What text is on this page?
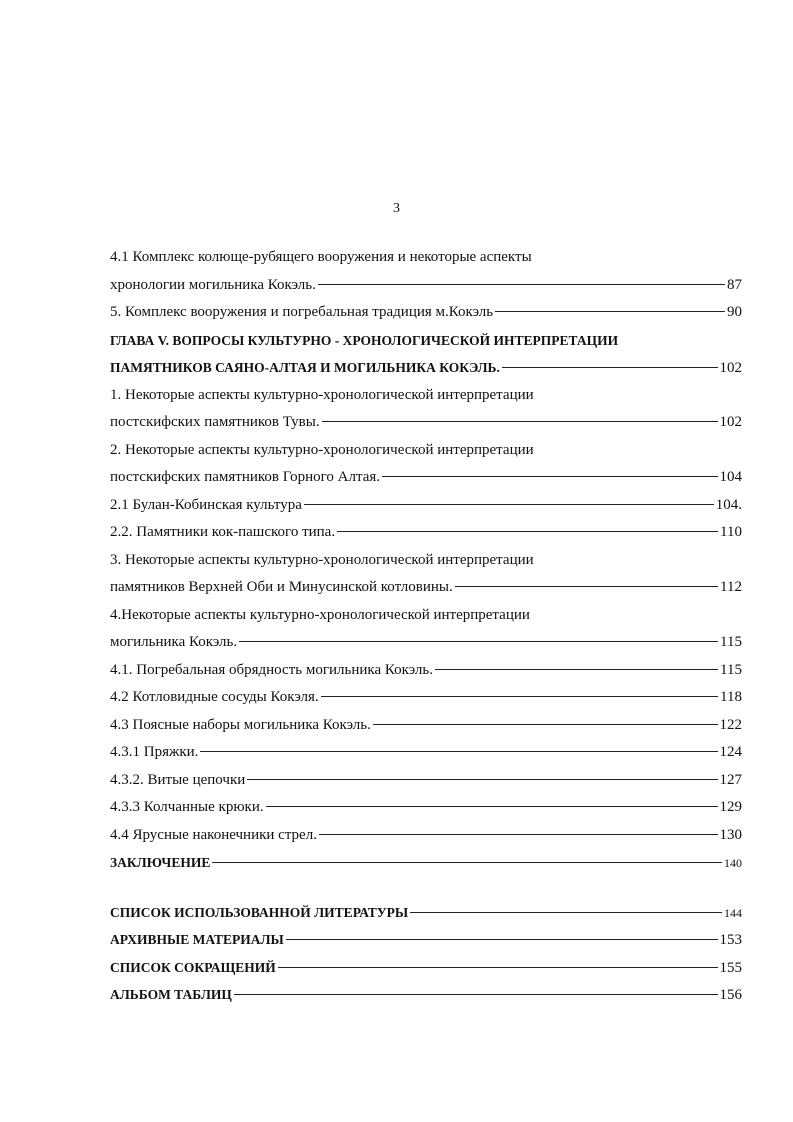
3
4.1 Комплекс колюще-рубящего вооружения и некоторые аспекты
хронологии могильника Кокэль.	87
5. Комплекс вооружения и погребальная традиция м.Кокэль	90
ГЛАВА V. ВОПРОСЫ КУЛЬТУРНО - ХРОНОЛОГИЧЕСКОЙ ИНТЕРПРЕТАЦИИ
ПАМЯТНИКОВ САЯНО-АЛТАЯ И МОГИЛЬНИКА КОКЭЛЬ.	102
1. Некоторые аспекты культурно-хронологической интерпретации
постскифских памятников Тувы.	102
2. Некоторые аспекты культурно-хронологической интерпретации
постскифских памятников Горного Алтая.	104
2.1 Булан-Кобинская культура	104.
2.2. Памятники кок-пашского типа.	110
3. Некоторые аспекты культурно-хронологической интерпретации
памятников Верхней Оби и Минусинской котловины.	112
4.Некоторые аспекты культурно-хронологической интерпретации
могильника Кокэль.	115
4.1. Погребальная обрядность могильника Кокэль.	115
4.2 Котловидные сосуды Кокэля.	118
4.3 Поясные наборы могильника Кокэль.	122
4.3.1 Пряжки.	124
4.3.2. Витые цепочки	127
4.3.3 Колчанные крюки.	129
4.4 Ярусные наконечники стрел.	130
ЗАКЛЮЧЕНИЕ	140
СПИСОК ИСПОЛЬЗОВАННОЙ ЛИТЕРАТУРЫ	144
АРХИВНЫЕ МАТЕРИАЛЫ	153
СПИСОК СОКРАЩЕНИЙ	155
АЛЬБОМ ТАБЛИЦ	156
